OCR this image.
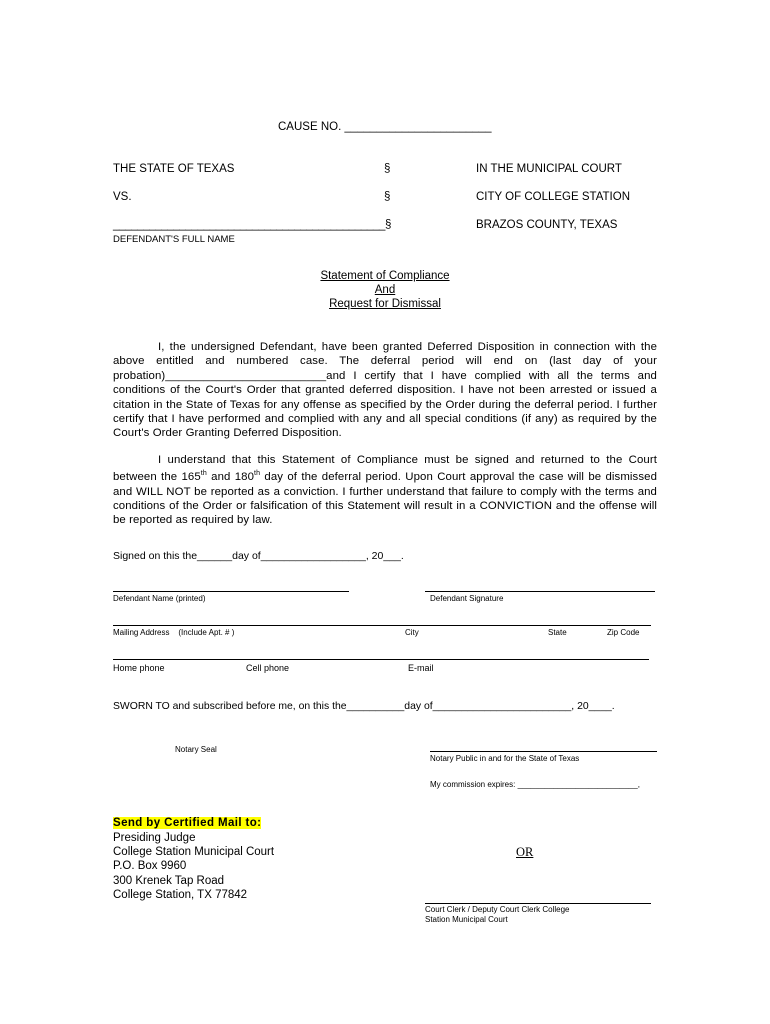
CAUSE NO. _______________________
THE STATE OF TEXAS	§	IN THE MUNICIPAL COURT
VS.	§	CITY OF COLLEGE STATION
_____________________________________________§	BRAZOS COUNTY, TEXAS
DEFENDANT'S FULL NAME
Statement of Compliance
And
Request for Dismissal
I, the undersigned Defendant, have been granted Deferred Disposition in connection with the above entitled and numbered case. The deferral period will end on (last day of your probation)_________________________and I certify that I have complied with all the terms and conditions of the Court's Order that granted deferred disposition. I have not been arrested or issued a citation in the State of Texas for any offense as specified by the Order during the deferral period. I further certify that I have performed and complied with any and all special conditions (if any) as required by the Court's Order Granting Deferred Disposition.
I understand that this Statement of Compliance must be signed and returned to the Court between the 165th and 180th day of the deferral period. Upon Court approval the case will be dismissed and WILL NOT be reported as a conviction. I further understand that failure to comply with the terms and conditions of the Order or falsification of this Statement will result in a CONVICTION and the offense will be reported as required by law.
Signed on this the______day of__________________, 20___.
Defendant Name (printed)	Defendant Signature
Mailing Address    (Include Apt. # )	City	State	Zip Code
Home phone	Cell phone	E-mail
SWORN TO and subscribed before me, on this the__________day of________________________, 20____.
Notary Seal
Notary Public in and for the State of Texas
My commission expires: ___________________________,
Send by Certified Mail to:
Presiding Judge
College Station Municipal Court
P.O. Box 9960
300 Krenek Tap Road
College Station, TX 77842
OR
Court Clerk / Deputy Court Clerk College
Station Municipal Court
